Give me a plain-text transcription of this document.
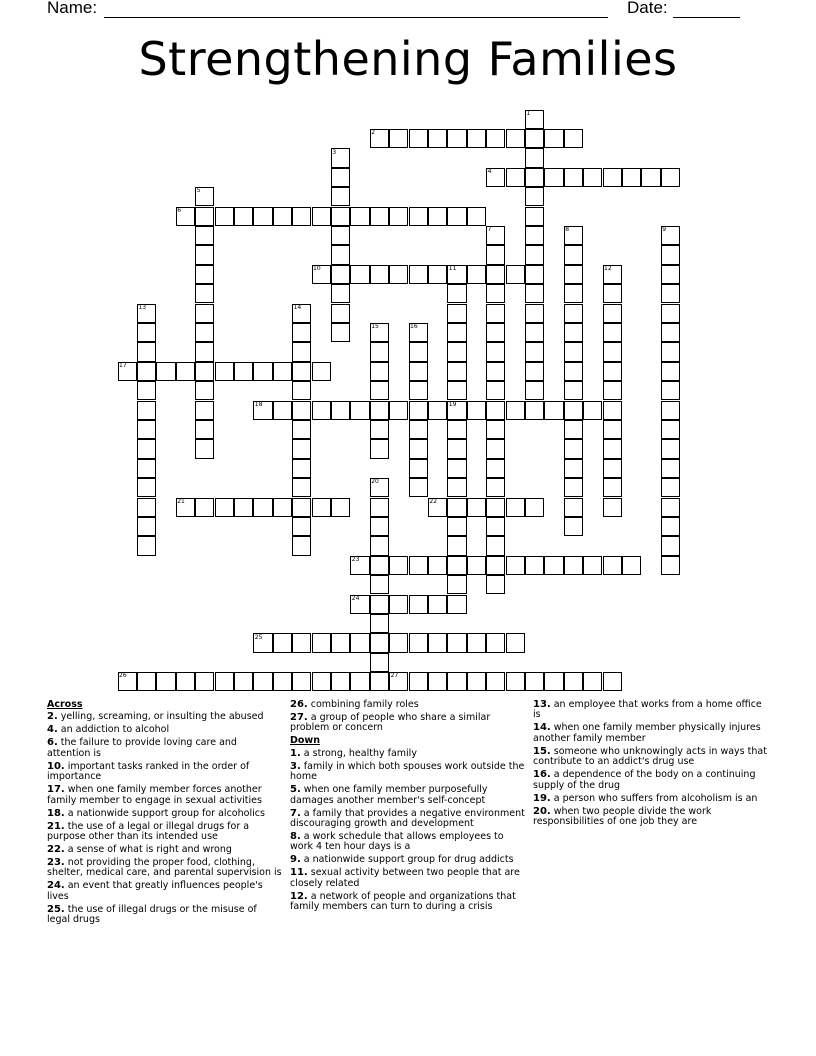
Name:	Date:
Strengthening Families
2
4
6
10
17
18
21	22
23
24
25
26	27
1
3
5
7	8	9
11	12
13	14
15	16
19
20
Across
2. yelling, screaming, or insulting the abused
4. an addiction to alcohol
6. the failure to provide loving care and attention is
10. important tasks ranked in the order of importance
17. when one family member forces another family member to engage in sexual activities
18. a nationwide support group for alcoholics
21. the use of a legal or illegal drugs for a purpose other than its intended use
22. a sense of what is right and wrong
23. not providing the proper food, clothing, shelter, medical care, and parental supervision is
24. an event that greatly influences people's lives
25. the use of illegal drugs or the misuse of legal drugs
26. combining family roles
27. a group of people who share a similar problem or concern
Down
1. a strong, healthy family
3. family in which both spouses work outside the home
5. when one family member purposefully damages another member's self-concept
7. a family that provides a negative environment discouraging growth and development
8. a work schedule that allows employees to work 4 ten hour days is a
9. a nationwide support group for drug addicts
11. sexual activity between two people that are closely related
12. a network of people and organizations that family members can turn to during a crisis
13. an employee that works from a home office is
14. when one family member physically injures another family member
15. someone who unknowingly acts in ways that contribute to an addict's drug use
16. a dependence of the body on a continuing supply of the drug
19. a person who suffers from alcoholism is an
20. when two people divide the work responsibilities of one job they are
